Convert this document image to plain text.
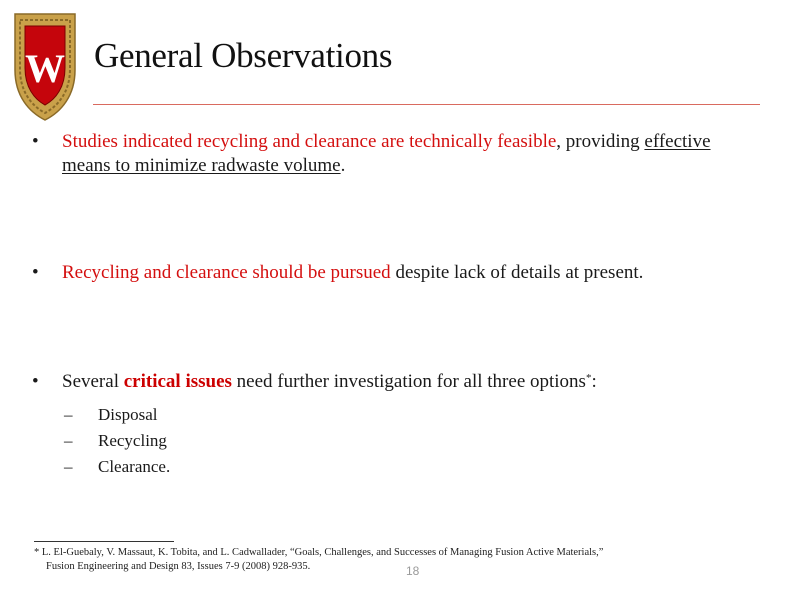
W General Observations
• Studies indicated recycling and clearance are technically feasible, providing effective means to minimize radwaste volume.
• Recycling and clearance should be pursued despite lack of details at present.
• Several critical issues need further investigation for all three options*:
– Disposal
– Recycling
– Clearance.
* L. El-Guebaly, V. Massaut, K. Tobita, and L. Cadwallader, “Goals, Challenges, and Successes of Managing Fusion Active Materials,”
Fusion Engineering and Design 83, Issues 7-9 (2008) 928-935.	18
